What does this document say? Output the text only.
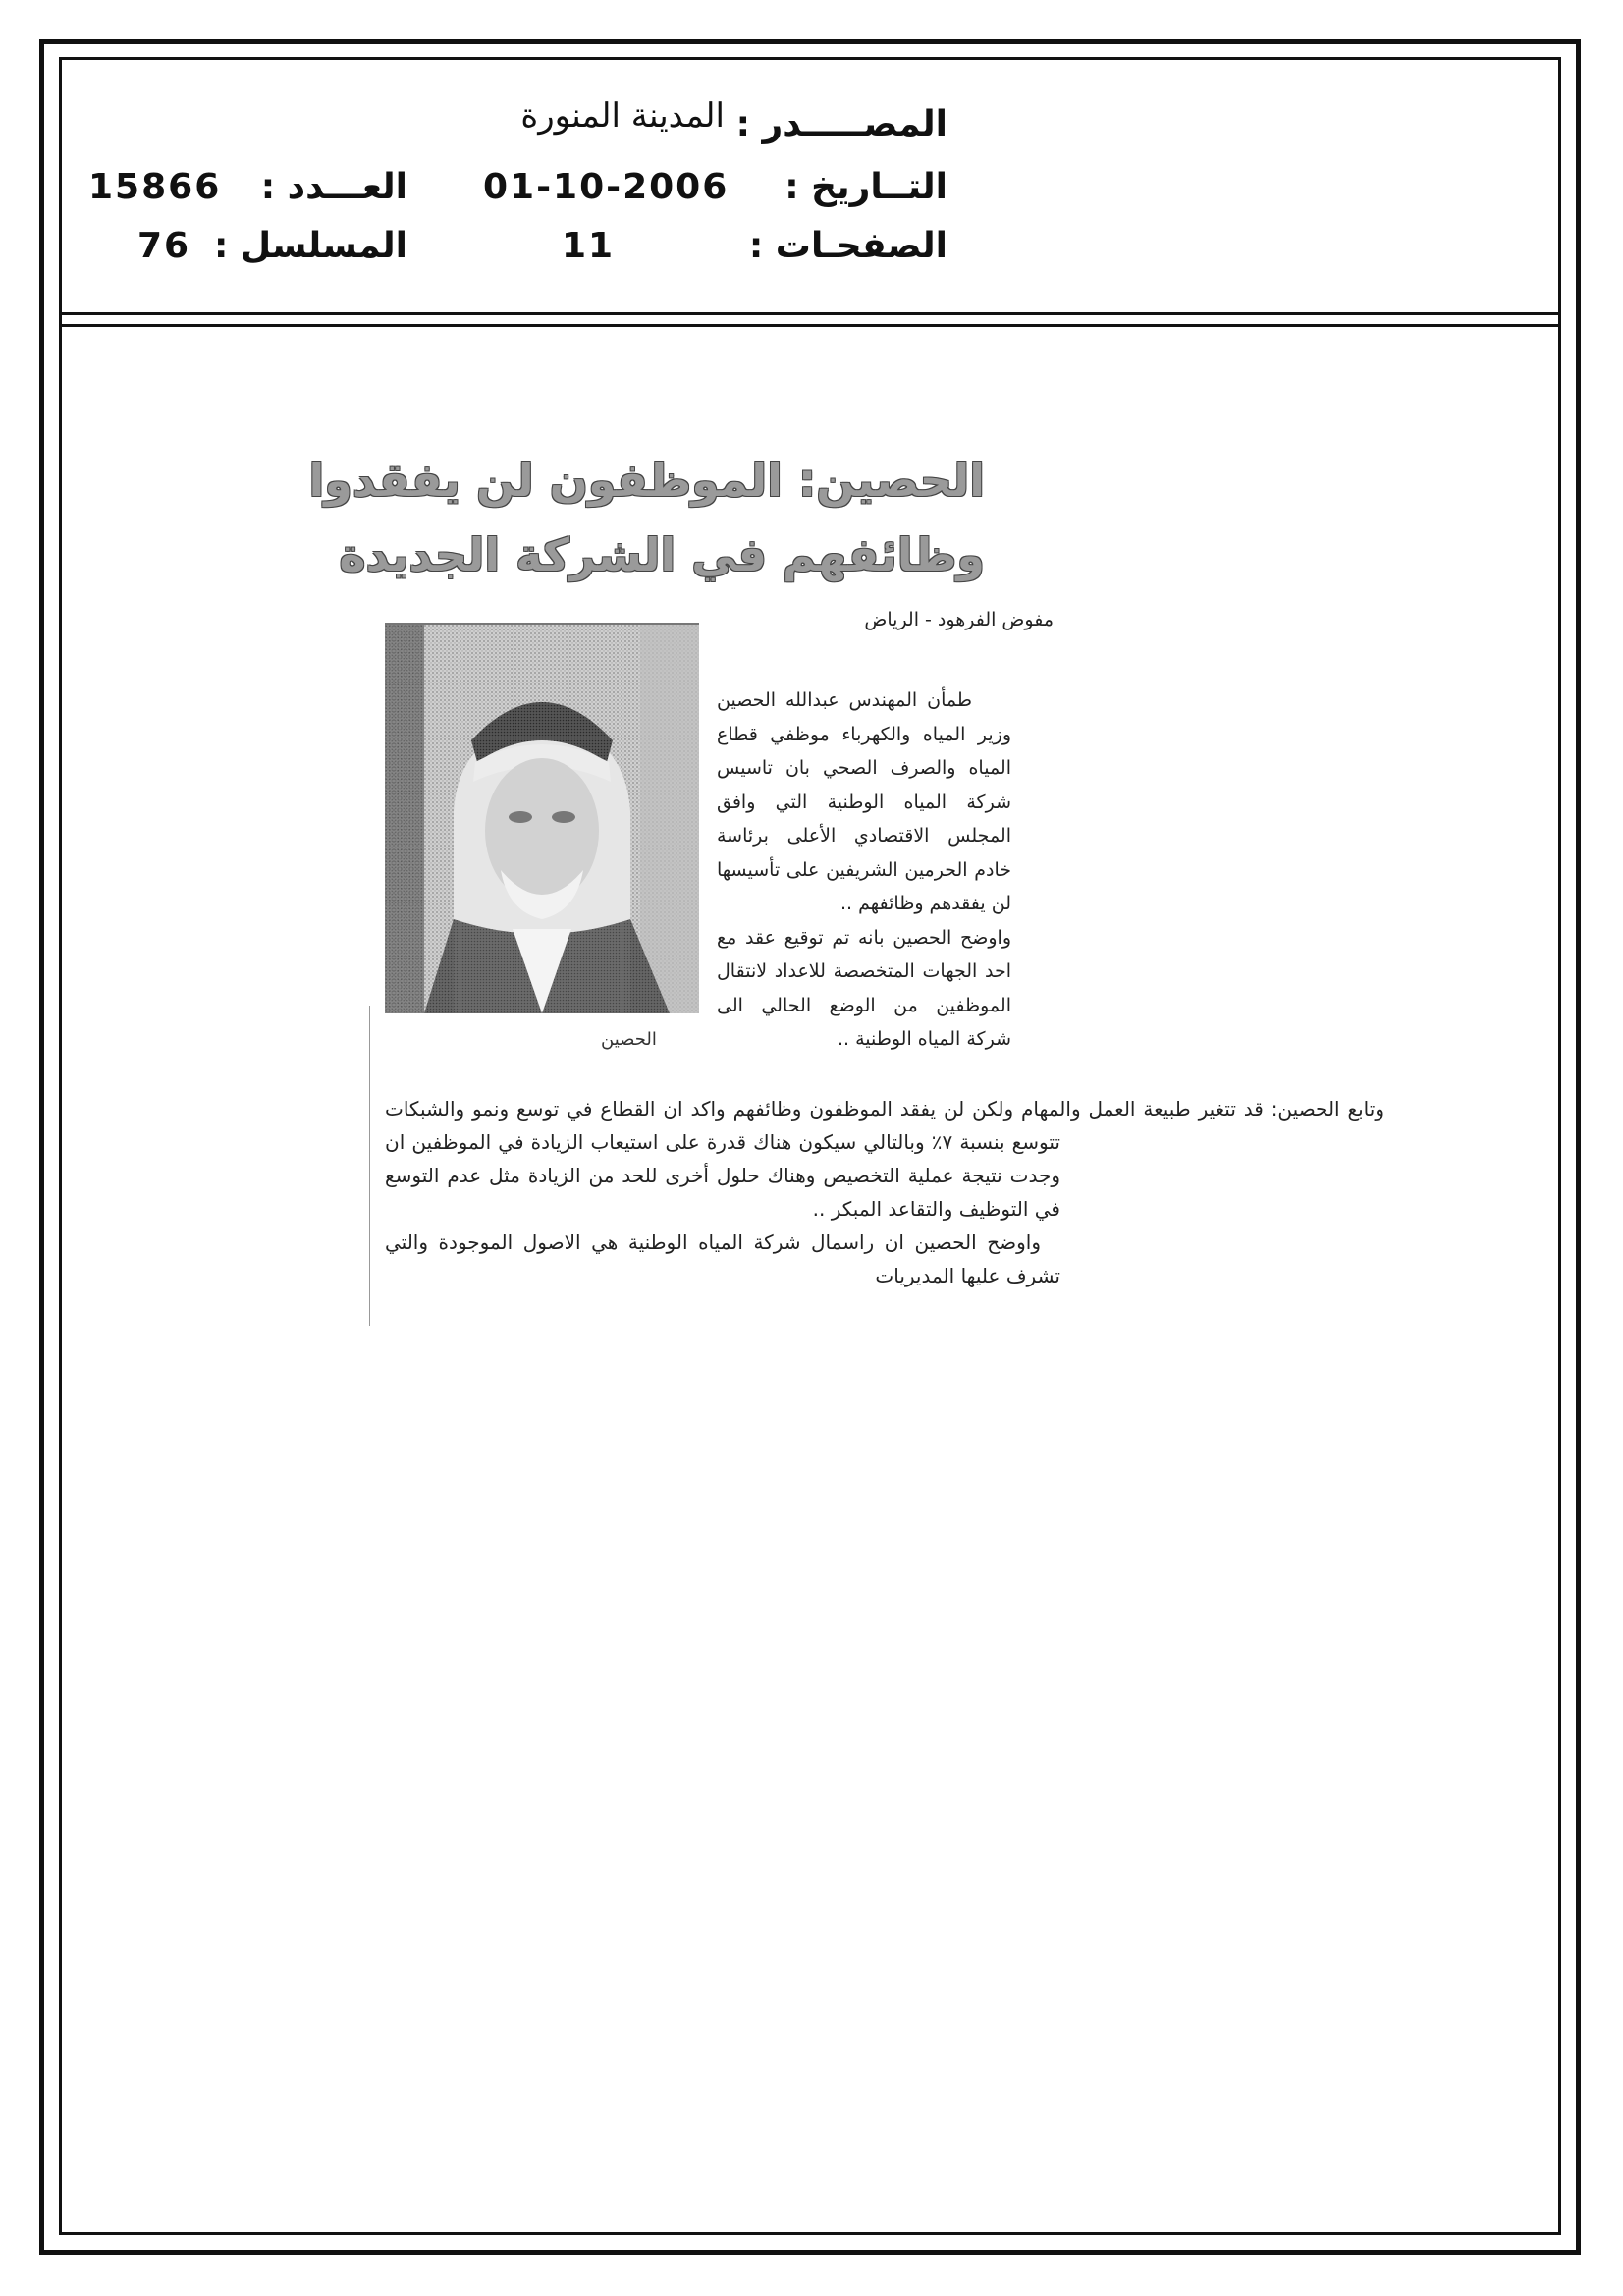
المصـــــدر :
المدينة المنورة
التــاريخ :
01-10-2006
الصفحـات :
11
العـــدد :
15866
المسلسل :
76
الحصين: الموظفون لن يفقدوا
وظائفهم في الشركة الجديدة
مفوض الفرهود - الرياض
الحصين

طمأن المهندس عبدالله الحصين وزير المياه والكهرباء موظفي قطاع المياه والصرف الصحي بان تاسيس شركة المياه الوطنية التي وافق المجلس الاقتصادي الأعلى برئاسة خادم الحرمين الشريفين على تأسيسها لن يفقدهم وظائفهم ..

واوضح الحصين بانه تم توقيع عقد مع احد الجهات المتخصصة للاعداد لانتقال الموظفين من الوضع الحالي الى شركة المياه الوطنية ..

وتابع الحصين: قد تتغير طبيعة العمل والمهام ولكن لن يفقد الموظفون وظائفهم واكد ان القطاع في توسع ونمو والشبكات تتوسع بنسبة ٧٪ وبالتالي سيكون هناك قدرة على استيعاب الزيادة في الموظفين ان وجدت نتيجة عملية التخصيص وهناك حلول أخرى للحد من الزيادة مثل عدم التوسع في التوظيف والتقاعد المبكر ..

واوضح الحصين ان راسمال شركة المياه الوطنية هي الاصول الموجودة والتي تشرف عليها المديريات
